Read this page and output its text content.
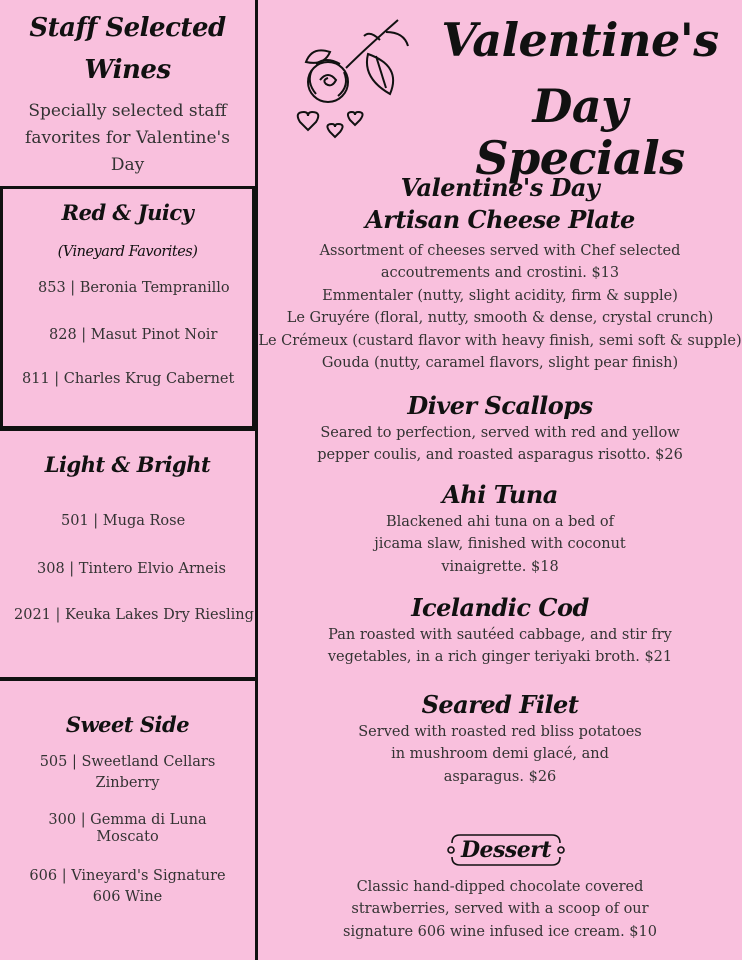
Staff Selected
Wines
Specially selected staff
favorites for Valentine's
Day
Red & Juicy
(Vineyard Favorites)
853 | Beronia Tempranillo
828 | Masut Pinot Noir
811 | Charles Krug Cabernet
Light & Bright
501 | Muga Rose
308 | Tintero Elvio Arneis
2021 | Keuka Lakes Dry Riesling
Sweet Side
505 | Sweetland Cellars
Zinberry
300 | Gemma di Luna
Moscato
606 | Vineyard's Signature
606 Wine
Valentine's
Day Specials
Valentine's Day
Artisan Cheese Plate
Assortment of cheeses served with Chef selected
accoutrements and crostini. $13
Emmentaler (nutty, slight acidity, firm & supple)
Le Gruyére (floral, nutty, smooth & dense, crystal crunch)
Le Crémeux (custard flavor with heavy finish, semi soft & supple)
Gouda (nutty, caramel flavors, slight pear finish)
Diver Scallops
Seared to perfection, served with red and yellow
pepper coulis, and roasted asparagus risotto. $26
Ahi Tuna
Blackened ahi tuna on a bed of
jicama slaw, finished with coconut
vinaigrette. $18
Icelandic Cod
Pan roasted with sautéed cabbage, and stir fry
vegetables, in a rich ginger teriyaki broth. $21
Seared Filet
Served with roasted red bliss potatoes
in mushroom demi glacé, and
asparagus. $26
Dessert
Classic hand-dipped chocolate covered
strawberries, served with a scoop of our
signature 606 wine infused ice cream. $10
